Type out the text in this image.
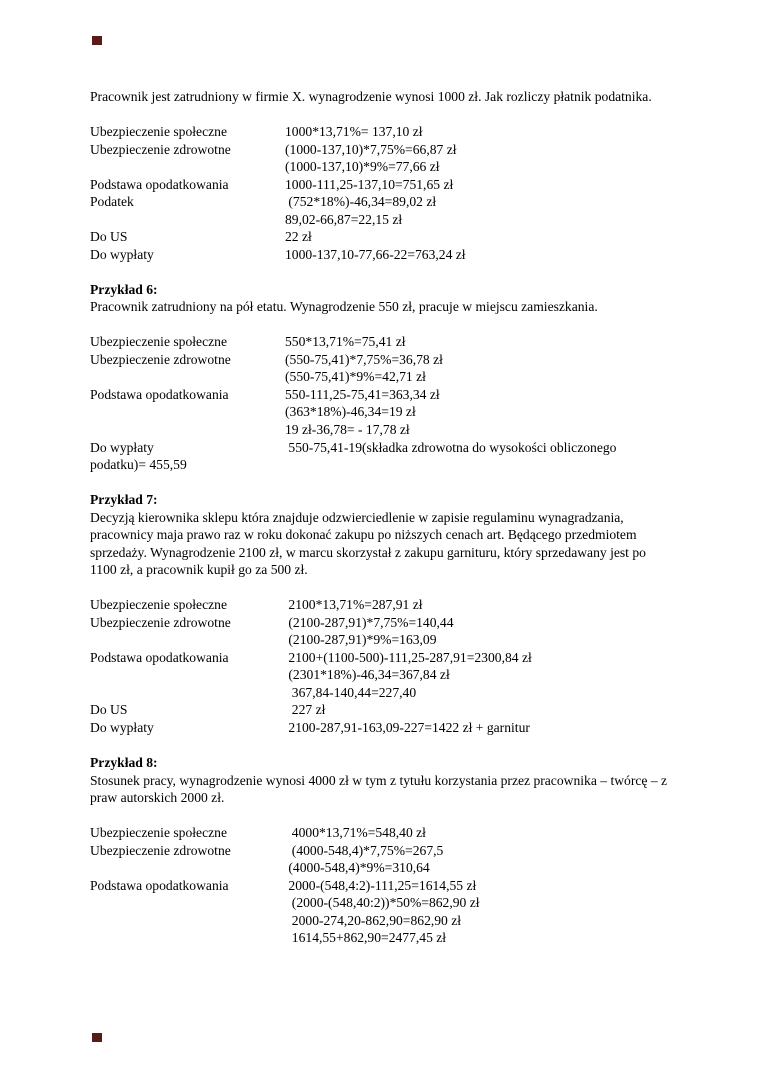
Pracownik jest zatrudniony w firmie X. wynagrodzenie wynosi 1000 zł. Jak rozliczy płatnik podatnika.
Ubezpieczenie społeczne	1000*13,71%= 137,10 zł
Ubezpieczenie zdrowotne	(1000-137,10)*7,75%=66,87 zł
(1000-137,10)*9%=77,66 zł
Podstawa opodatkowania	1000-111,25-137,10=751,65 zł
Podatek	(752*18%)-46,34=89,02 zł
89,02-66,87=22,15 zł
Do US	22 zł
Do wypłaty	1000-137,10-77,66-22=763,24 zł
Przykład 6:
Pracownik zatrudniony na pół etatu. Wynagrodzenie 550 zł, pracuje w miejscu zamieszkania.
Ubezpieczenie społeczne	550*13,71%=75,41 zł
Ubezpieczenie zdrowotne	(550-75,41)*7,75%=36,78 zł
(550-75,41)*9%=42,71 zł
Podstawa opodatkowania	550-111,25-75,41=363,34 zł
(363*18%)-46,34=19 zł
19 zł-36,78= - 17,78 zł
Do wypłaty	550-75,41-19(składka zdrowotna do wysokości obliczonego
podatku)= 455,59
Przykład 7:
Decyzją kierownika sklepu która znajduje odzwierciedlenie w zapisie regulaminu wynagradzania, pracownicy maja prawo raz w roku dokonać zakupu po niższych cenach art. Będącego przedmiotem sprzedaży. Wynagrodzenie 2100 zł, w marcu skorzystał z zakupu garnituru, który sprzedawany jest po 1100 zł, a pracownik kupił go za 500 zł.
Ubezpieczenie społeczne	2100*13,71%=287,91 zł
Ubezpieczenie zdrowotne	(2100-287,91)*7,75%=140,44
(2100-287,91)*9%=163,09
Podstawa opodatkowania	2100+(1100-500)-111,25-287,91=2300,84 zł
(2301*18%)-46,34=367,84 zł
367,84-140,44=227,40
Do US	227 zł
Do wypłaty	2100-287,91-163,09-227=1422 zł + garnitur
Przykład 8:
Stosunek pracy, wynagrodzenie wynosi 4000 zł w tym z tytułu korzystania przez pracownika – twórcę – z praw autorskich 2000 zł.
Ubezpieczenie społeczne	4000*13,71%=548,40 zł
Ubezpieczenie zdrowotne	(4000-548,4)*7,75%=267,5
(4000-548,4)*9%=310,64
Podstawa opodatkowania	2000-(548,4:2)-111,25=1614,55 zł
(2000-(548,40:2))*50%=862,90 zł
2000-274,20-862,90=862,90 zł
1614,55+862,90=2477,45 zł
